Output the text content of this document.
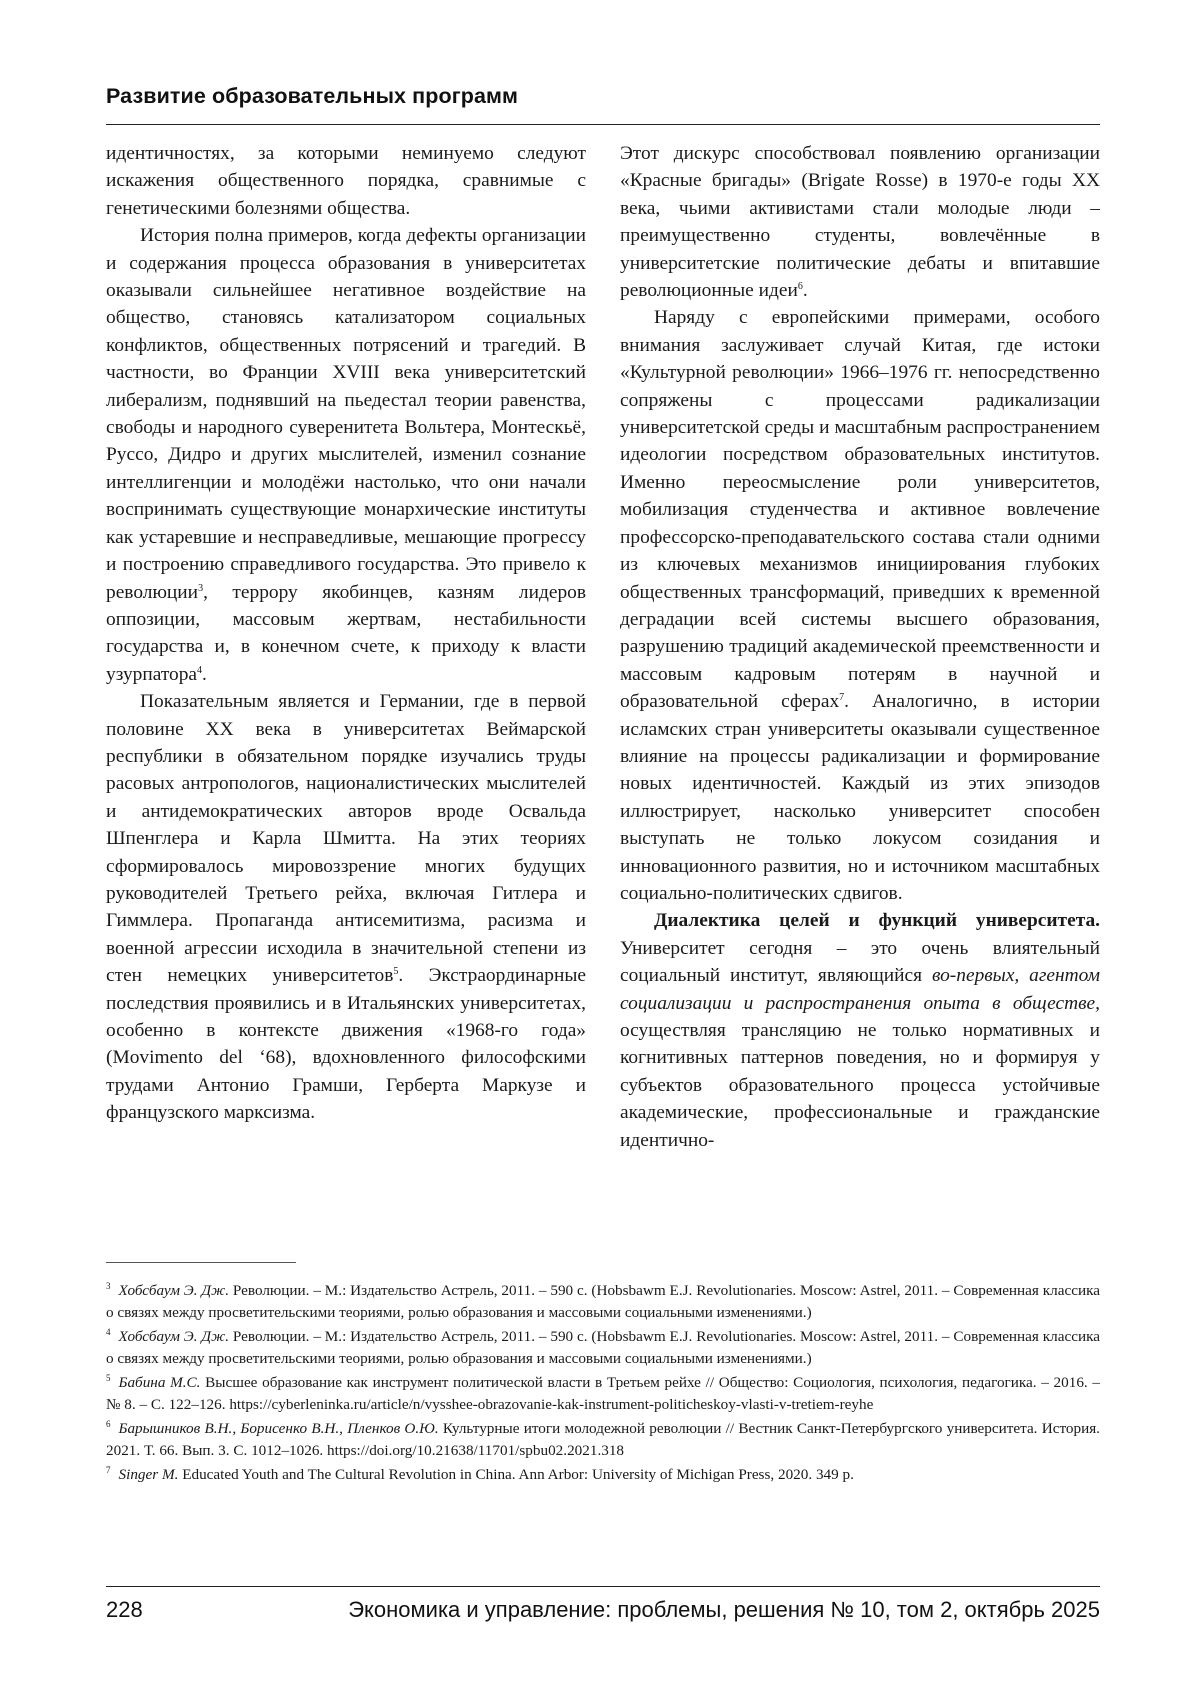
Развитие образовательных программ

идентичностях, за которыми неминуемо следуют искажения общественного порядка, сравнимые с генетическими болезнями общества.

История полна примеров, когда дефекты организации и содержания процесса образования в университетах оказывали сильнейшее негативное воздействие на общество, становясь катализатором социальных конфликтов, общественных потрясений и трагедий. В частности, во Франции XVIII века университетский либерализм, поднявший на пьедестал теории равенства, свободы и народного суверенитета Вольтера, Монтескьё, Руссо, Дидро и других мыслителей, изменил сознание интеллигенции и молодёжи настолько, что они начали воспринимать существующие монархические институты как устаревшие и несправедливые, мешающие прогрессу и построению справедливого государства. Это привело к революции$^3$, террору якобинцев, казням лидеров оппозиции, массовым жертвам, нестабильности государства и, в конечном счете, к приходу к власти узурпатора$^4$.

Показательным является и Германии, где в первой половине XX века в университетах Веймарской республики в обязательном порядке изучались труды расовых антропологов, националистических мыслителей и антидемократических авторов вроде Освальда Шпенглера и Карла Шмитта. На этих теориях сформировалось мировоззрение многих будущих руководителей Третьего рейха, включая Гитлера и Гиммлера. Пропаганда антисемитизма, расизма и военной агрессии исходила в значительной степени из стен немецких университетов$^5$. Экстраординарные последствия проявились и в Итальянских университетах, особенно в контексте движения «1968-го года» (Movimento del ‘68), вдохновленного философскими трудами Антонио Грамши, Герберта Маркузе и французского марксизма.

Этот дискурс способствовал появлению организации «Красные бригады» (Brigate Rosse) в 1970-е годы XX века, чьими активистами стали молодые люди – преимущественно студенты, вовлечённые в университетские политические дебаты и впитавшие революционные идеи$^6$.

Наряду с европейскими примерами, особого внимания заслуживает случай Китая, где истоки «Культурной революции» 1966–1976 гг. непосредственно сопряжены с процессами радикализации университетской среды и масштабным распространением идеологии посредством образовательных институтов. Именно переосмысление роли университетов, мобилизация студенчества и активное вовлечение профессорско-преподавательского состава стали одними из ключевых механизмов инициирования глубоких общественных трансформаций, приведших к временной деградации всей системы высшего образования, разрушению традиций академической преемственности и массовым кадровым потерям в научной и образовательной сферах$^7$. Аналогично, в истории исламских стран университеты оказывали существенное влияние на процессы радикализации и формирование новых идентичностей. Каждый из этих эпизодов иллюстрирует, насколько университет способен выступать не только локусом созидания и инновационного развития, но и источником масштабных социально-политических сдвигов.

Диалектика целей и функций университета. Университет сегодня – это очень влиятельный социальный институт, являющийся во-первых, агентом социализации и распространения опыта в обществе, осуществляя трансляцию не только нормативных и когнитивных паттернов поведения, но и формируя у субъектов образовательного процесса устойчивые академические, профессиональные и гражданские идентично-

$^3$ Хобсбаум Э. Дж. Революции. – М.: Издательство Астрель, 2011. – 590 с. (Hobsbawm E.J. Revolutionaries. Moscow: Astrel, 2011. – Современная классика о связях между просветительскими теориями, ролью образования и массовыми социальными изменениями.)

$^4$ Хобсбаум Э. Дж. Революции. – М.: Издательство Астрель, 2011. – 590 с. (Hobsbawm E.J. Revolutionaries. Moscow: Astrel, 2011. – Современная классика о связях между просветительскими теориями, ролью образования и массовыми социальными изменениями.)

$^5$ Бабина М.С. Высшее образование как инструмент политической власти в Третьем рейхе // Общество: Социология, психология, педагогика. – 2016. – № 8. – С. 122–126. https://cyberleninka.ru/article/n/vysshee-obrazovanie-kak-instrument-politicheskoy-vlasti-v-tretiem-reyhe

$^6$ Барышников В.Н., Борисенко В.Н., Пленков О.Ю. Культурные итоги молодежной революции // Вестник Санкт-Петербургского университета. История. 2021. Т. 66. Вып. 3. С. 1012–1026. https://doi.org/10.21638/11701/spbu02.2021.318

$^7$ Singer M. Educated Youth and The Cultural Revolution in China. Ann Arbor: University of Michigan Press, 2020. 349 p.

228	Экономика и управление: проблемы, решения № 10, том 2, октябрь 2025
